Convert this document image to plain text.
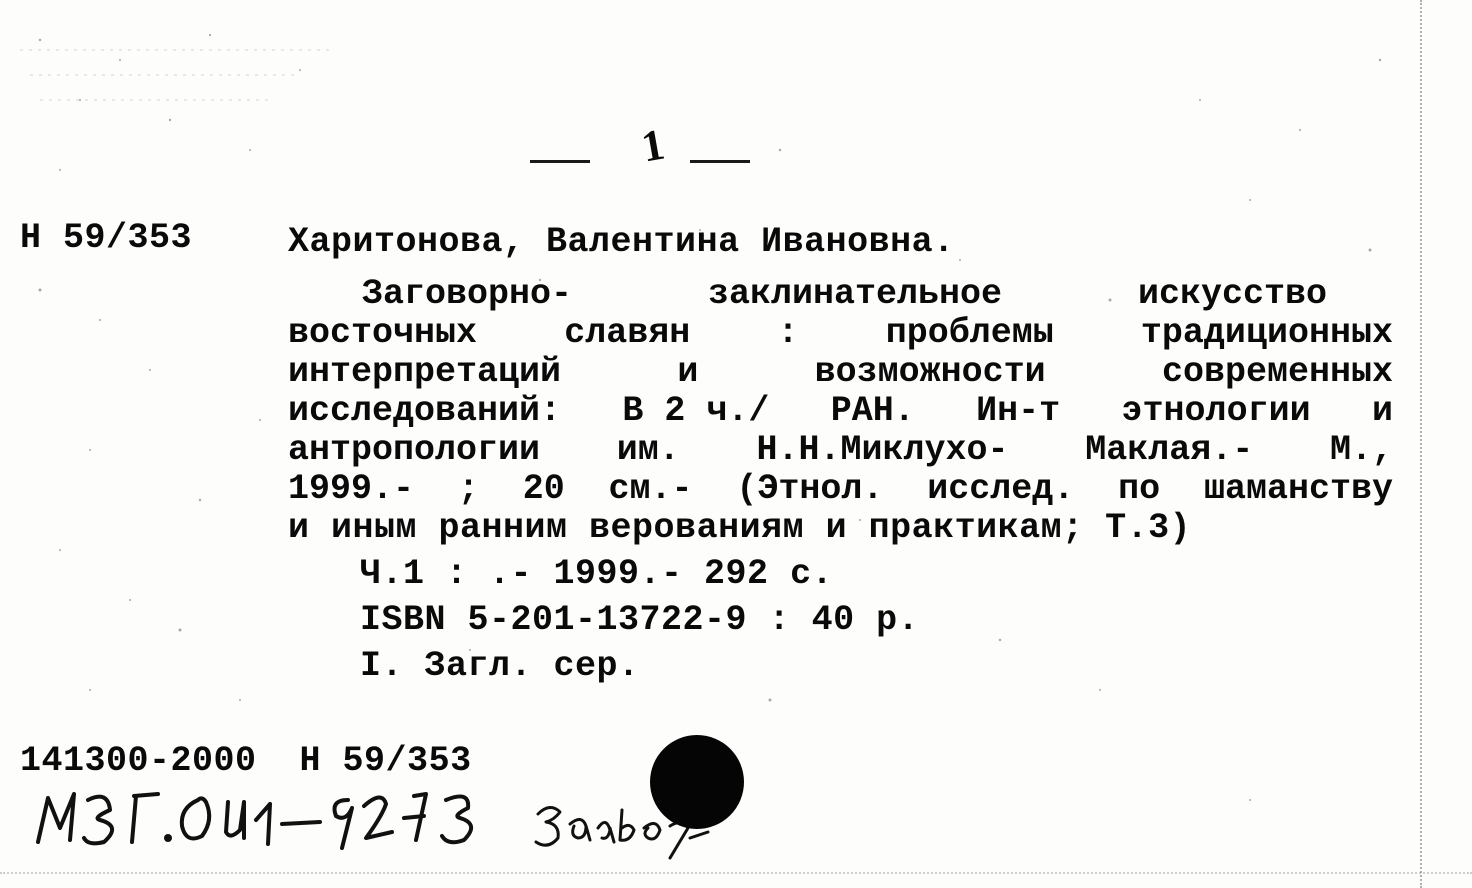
1
Н 59/353	Харитонова, Валентина Ивановна.
Заговорно-	заклинательное	искусство
восточных славян : проблемы традиционных
интерпретаций	и	возможности	современных
исследований: В 2 ч./ РАН. Ин-т этнологии и
антропологии им. Н.Н.Миклухо- Маклая.- М.,
1999.- ; 20 см.- (Этнол. исслед. по шаманству
и иным ранним верованиям и практикам; Т.3)
Ч.1 : .- 1999.- 292 с.
ISBN 5-201-13722-9 : 40 р.
I. Загл. сер.
141300-2000  Н 59/353
